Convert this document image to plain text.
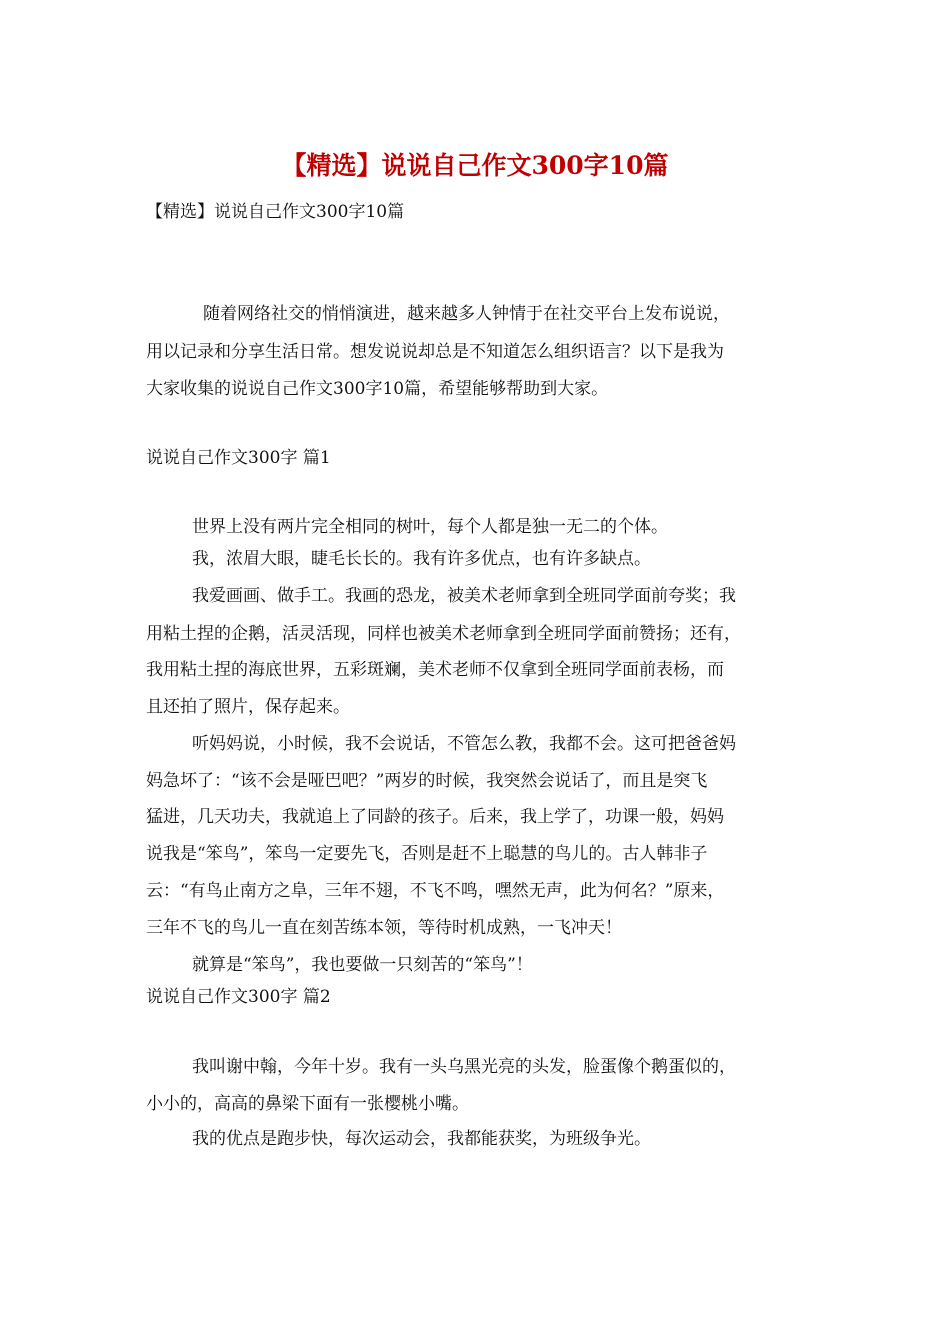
【精选】说说自己作文300字10篇
【精选】说说自己作文300字10篇
随着网络社交的悄悄演进，越来越多人钟情于在社交平台上发布说说，
用以记录和分享生活日常。想发说说却总是不知道怎么组织语言？以下是我为
大家收集的说说自己作文300字10篇，希望能够帮助到大家。
说说自己作文300字 篇1
世界上没有两片完全相同的树叶，每个人都是独一无二的个体。
我，浓眉大眼，睫毛长长的。我有许多优点，也有许多缺点。
我爱画画、做手工。我画的恐龙，被美术老师拿到全班同学面前夸奖；我
用粘土捏的企鹅，活灵活现，同样也被美术老师拿到全班同学面前赞扬；还有，
我用粘土捏的海底世界，五彩斑斓，美术老师不仅拿到全班同学面前表杨，而
且还拍了照片，保存起来。
听妈妈说，小时候，我不会说话，不管怎么教，我都不会。这可把爸爸妈
妈急坏了：“该不会是哑巴吧？”两岁的时候，我突然会说话了，而且是突飞
猛进，几天功夫，我就追上了同龄的孩子。后来，我上学了，功课一般，妈妈
说我是“笨鸟”，笨鸟一定要先飞，否则是赶不上聪慧的鸟儿的。古人韩非子
云：“有鸟止南方之阜，三年不翅，不飞不鸣，嘿然无声，此为何名？”原来，
三年不飞的鸟儿一直在刻苦练本领，等待时机成熟，一飞冲天！
就算是“笨鸟”，我也要做一只刻苦的“笨鸟”！
说说自己作文300字 篇2
我叫谢中翰，今年十岁。我有一头乌黑光亮的头发，脸蛋像个鹅蛋似的，
小小的，高高的鼻梁下面有一张樱桃小嘴。
我的优点是跑步快，每次运动会，我都能获奖，为班级争光。
